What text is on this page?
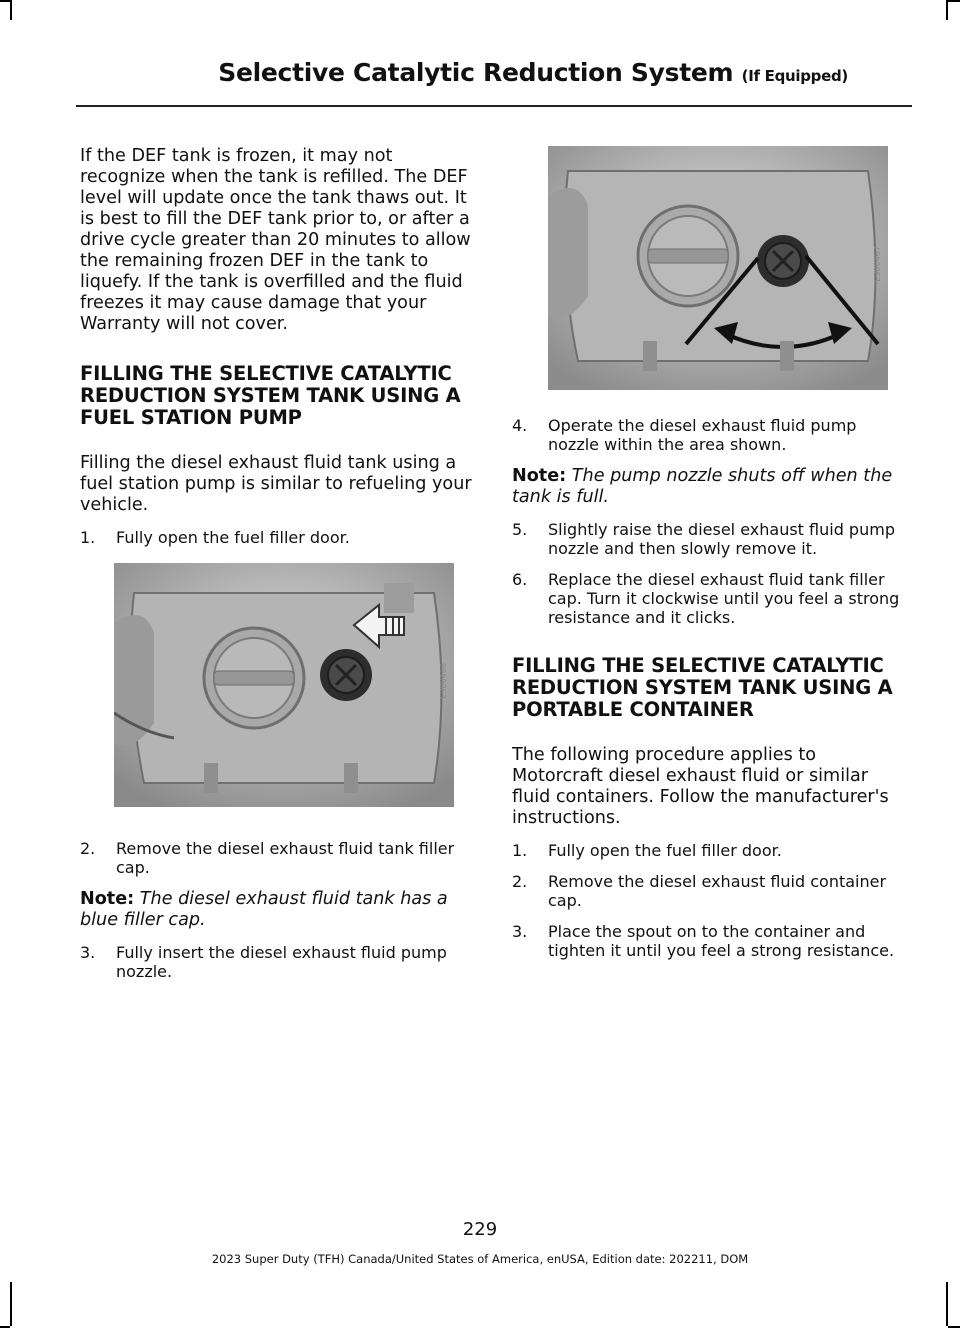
Selective Catalytic Reduction System (If Equipped)

If the DEF tank is frozen, it may not recognize when the tank is refilled. The DEF level will update once the tank thaws out. It is best to fill the DEF tank prior to, or after a drive cycle greater than 20 minutes to allow the remaining frozen DEF in the tank to liquefy. If the tank is overfilled and the fluid freezes it may cause damage that your Warranty will not cover.

FILLING THE SELECTIVE CATALYTIC REDUCTION SYSTEM TANK USING A FUEL STATION PUMP

Filling the diesel exhaust fluid tank using a fuel station pump is similar to refueling your vehicle.

1.	Fully open the fuel filler door.
E300466
2.	Remove the diesel exhaust fluid tank filler cap.

Note: The diesel exhaust fluid tank has a blue filler cap.

3.	Fully insert the diesel exhaust fluid pump nozzle.
E300467
4.	Operate the diesel exhaust fluid pump nozzle within the area shown.

Note: The pump nozzle shuts off when the tank is full.

5.	Slightly raise the diesel exhaust fluid pump nozzle and then slowly remove it.
6.	Replace the diesel exhaust fluid tank filler cap. Turn it clockwise until you feel a strong resistance and it clicks.
FILLING THE SELECTIVE CATALYTIC REDUCTION SYSTEM TANK USING A PORTABLE CONTAINER

The following procedure applies to Motorcraft diesel exhaust fluid or similar fluid containers. Follow the manufacturer's instructions.

1.	Fully open the fuel filler door.
2.	Remove the diesel exhaust fluid container cap.
3.	Place the spout on to the container and tighten it until you feel a strong resistance.

229

2023 Super Duty (TFH) Canada/United States of America, enUSA, Edition date: 202211, DOM
